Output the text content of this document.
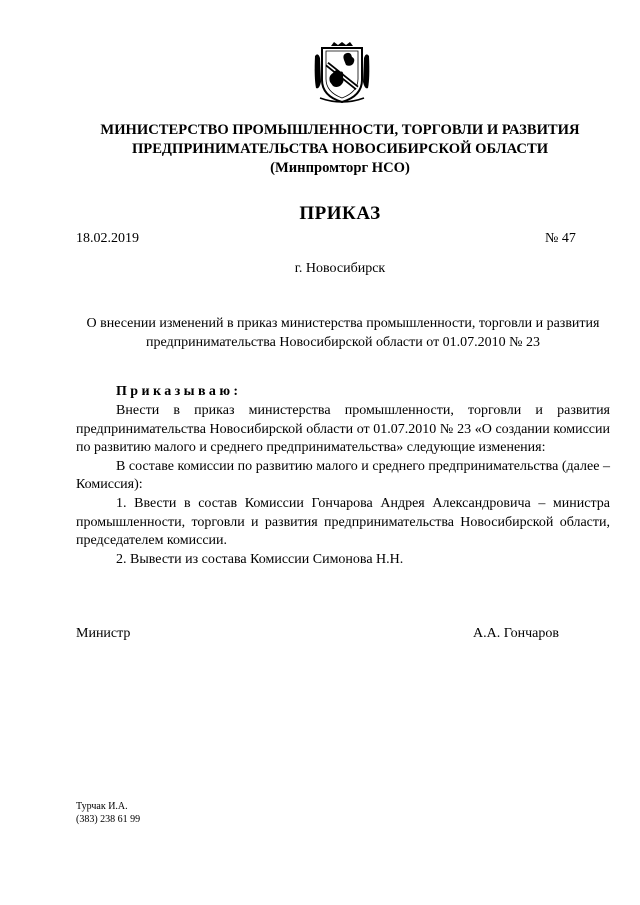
МИНИСТЕРСТВО ПРОМЫШЛЕННОСТИ, ТОРГОВЛИ И РАЗВИТИЯ
ПРЕДПРИНИМАТЕЛЬСТВА НОВОСИБИРСКОЙ ОБЛАСТИ
(Минпромторг НСО)
ПРИКАЗ
18.02.2019	№ 47
г. Новосибирск
О внесении изменений в приказ министерства промышленности, торговли и развития предпринимательства Новосибирской области от 01.07.2010 № 23
Приказываю:

Внести в приказ министерства промышленности, торговли и развития предпринимательства Новосибирской области от 01.07.2010 № 23 «О создании комиссии по развитию малого и среднего предпринимательства» следующие изменения:

В составе комиссии по развитию малого и среднего предпринимательства (далее – Комиссия):

1. Ввести в состав Комиссии Гончарова Андрея Александровича – министра промышленности, торговли и развития предпринимательства Новосибирской области, председателем комиссии.

2. Вывести из состава Комиссии Симонова Н.Н.

Министр	А.А. Гончаров
Турчак И.А.
(383) 238 61 99
